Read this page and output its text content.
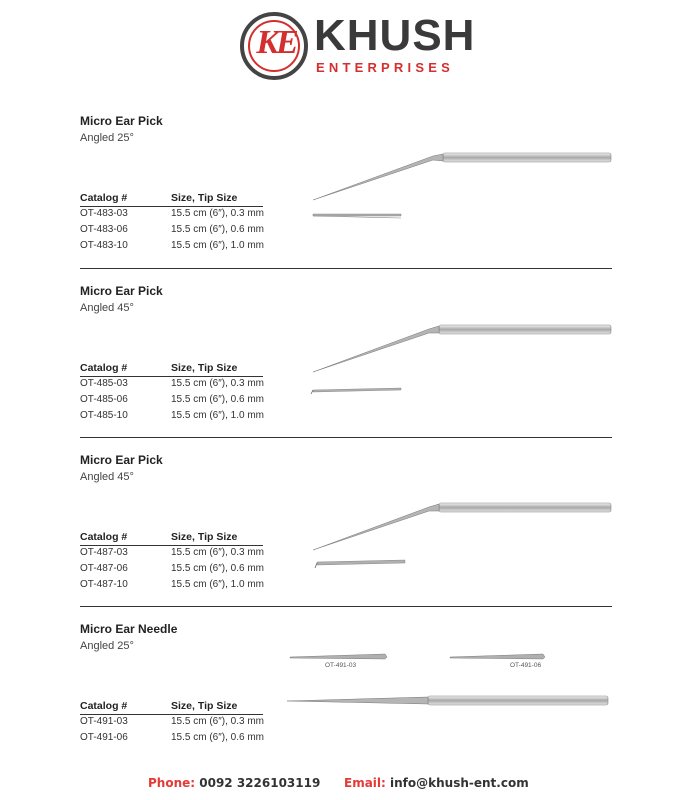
KE KHUSH
ENTERPRISES
Micro Ear Pick
Angled 25°
Catalog #	Size, Tip Size
OT-483-03	15.5 cm (6″), 0.3 mm
OT-483-06	15.5 cm (6″), 0.6 mm
OT-483-10	15.5 cm (6″), 1.0 mm
Micro Ear Pick
Angled 45°
Catalog #	Size, Tip Size
OT-485-03	15.5 cm (6″), 0.3 mm
OT-485-06	15.5 cm (6″), 0.6 mm
OT-485-10	15.5 cm (6″), 1.0 mm
Micro Ear Pick
Angled 45°
Catalog #	Size, Tip Size
OT-487-03	15.5 cm (6″), 0.3 mm
OT-487-06	15.5 cm (6″), 0.6 mm
OT-487-10	15.5 cm (6″), 1.0 mm
Micro Ear Needle
Angled 25°
Catalog #	Size, Tip Size
OT-491-03	15.5 cm (6″), 0.3 mm
OT-491-06	15.5 cm (6″), 0.6 mm
OT-491-03	OT-491-06
Phone: 0092 3226103119 Email: info@khush-ent.com
